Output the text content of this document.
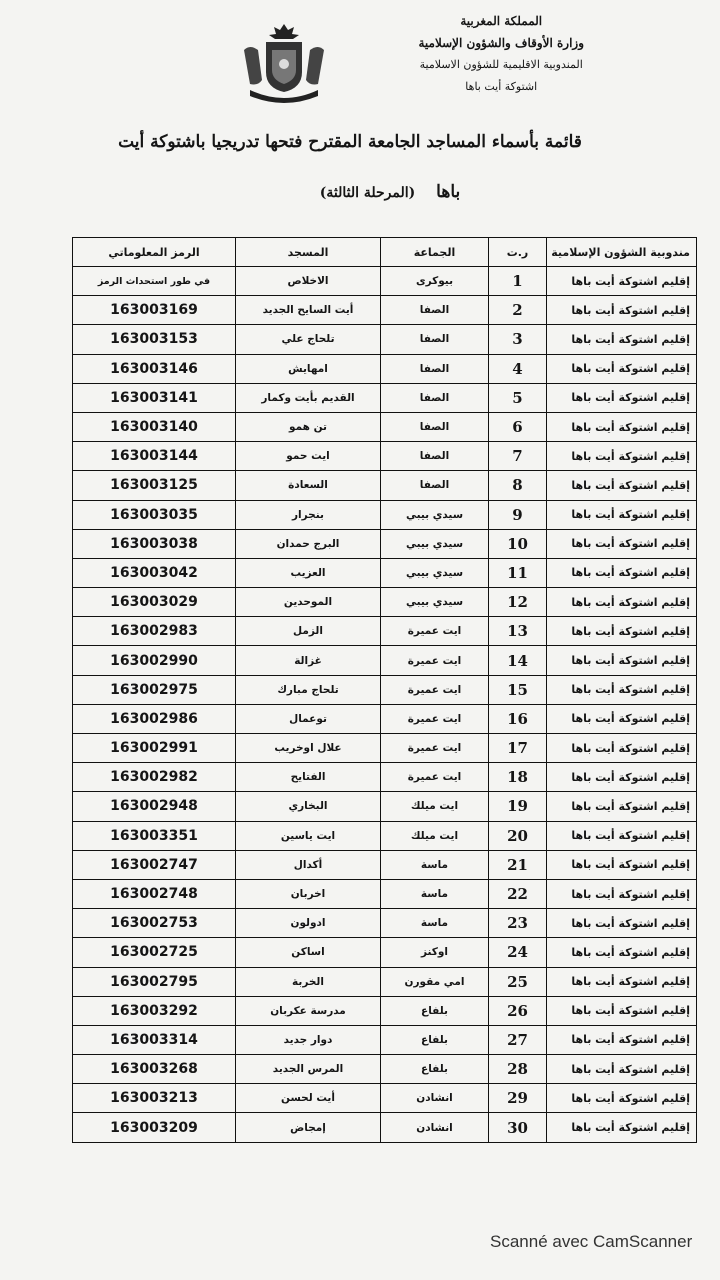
المملكة المغربية
وزارة الأوقاف والشؤون الإسلامية
المندوبية الاقليمية للشؤون الاسلامية
اشتوكة أيت باها
قائمة بأسماء المساجد الجامعة المقترح فتحها تدريجيا باشتوكة أيت
باها (المرحلة الثالثة)
مندوبية الشؤون الإسلامية	ر.ت	الجماعة	المسجد	الرمز المعلوماتي
إقليم اشتوكة أيت باها	1	بيوكرى	الاخلاص	في طور استحداث الرمز
إقليم اشتوكة أيت باها	2	الصفا	أيت السايح الجديد	163003169
إقليم اشتوكة أيت باها	3	الصفا	تلحاج علي	163003153
إقليم اشتوكة أيت باها	4	الصفا	امهايش	163003146
إقليم اشتوكة أيت باها	5	الصفا	القديم بأيت وكمار	163003141
إقليم اشتوكة أيت باها	6	الصفا	تن همو	163003140
إقليم اشتوكة أيت باها	7	الصفا	ايت حمو	163003144
إقليم اشتوكة أيت باها	8	الصفا	السعادة	163003125
إقليم اشتوكة أيت باها	9	سيدي بيبي	بنجرار	163003035
إقليم اشتوكة أيت باها	10	سيدي بيبي	البرج حمدان	163003038
إقليم اشتوكة أيت باها	11	سيدي بيبي	العزيب	163003042
إقليم اشتوكة أيت باها	12	سيدي بيبي	الموحدين	163003029
إقليم اشتوكة أيت باها	13	ايت عميرة	الزمل	163002983
إقليم اشتوكة أيت باها	14	ايت عميرة	غزالة	163002990
إقليم اشتوكة أيت باها	15	ايت عميرة	تلحاج مبارك	163002975
إقليم اشتوكة أيت باها	16	ايت عميرة	توعمال	163002986
إقليم اشتوكة أيت باها	17	ايت عميرة	علال اوخريب	163002991
إقليم اشتوكة أيت باها	18	ايت عميرة	الفتايح	163002982
إقليم اشتوكة أيت باها	19	ايت ميلك	البخاري	163002948
إقليم اشتوكة أيت باها	20	ايت ميلك	ايت ياسين	163003351
إقليم اشتوكة أيت باها	21	ماسة	أكدال	163002747
إقليم اشتوكة أيت باها	22	ماسة	اخربان	163002748
إقليم اشتوكة أيت باها	23	ماسة	ادولون	163002753
إقليم اشتوكة أيت باها	24	اوكنز	اساكن	163002725
إقليم اشتوكة أيت باها	25	امي مقورن	الخربة	163002795
إقليم اشتوكة أيت باها	26	بلفاع	مدرسة عكربان	163003292
إقليم اشتوكة أيت باها	27	بلفاع	دوار جديد	163003314
إقليم اشتوكة أيت باها	28	بلفاع	المرس الجديد	163003268
إقليم اشتوكة أيت باها	29	انشادن	أيت لحسن	163003213
إقليم اشتوكة أيت باها	30	انشادن	إمجاض	163003209
Scanné avec CamScanner
